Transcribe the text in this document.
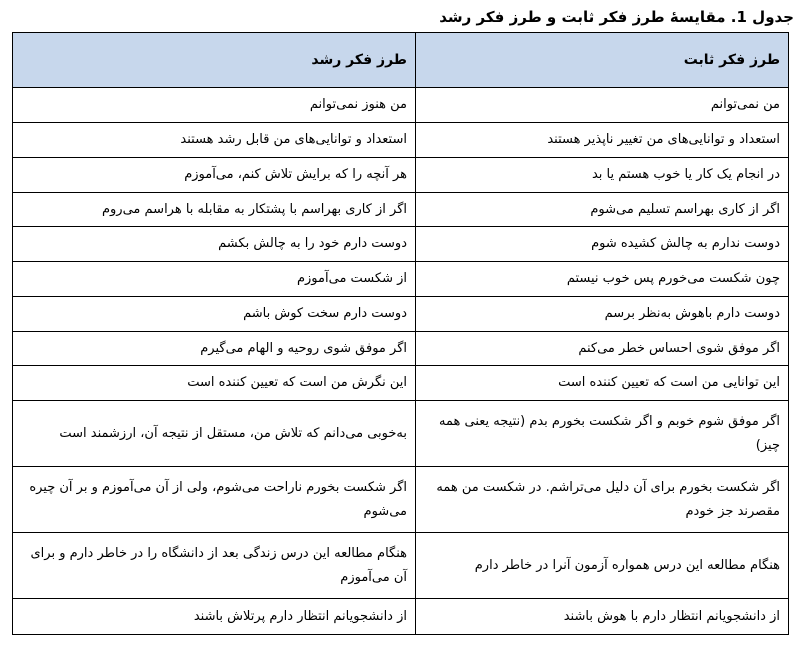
جدول 1. مقایسهٔ طرز فکر ثابت و طرز فکر رشد
طرز فکر ثابت	طرز فکر رشد
من نمی‌توانم	من هنوز نمی‌توانم
استعداد و توانایی‌های من تغییر ناپذیر هستند	استعداد و توانایی‌های من قابل رشد هستند
در انجام یک کار یا خوب هستم یا بد	هر آنچه را که برایش تلاش کنم، می‌آموزم
اگر از کاری بهراسم تسلیم می‌شوم	اگر از کاری بهراسم با پشتکار به مقابله با هراسم می‌روم
دوست ندارم به چالش کشیده شوم	دوست دارم خود را به چالش بکشم
چون شکست می‌خورم پس خوب نیستم	از شکست می‌آموزم
دوست دارم باهوش به‌نظر برسم	دوست دارم سخت کوش باشم
اگر موفق شوی احساس خطر می‌کنم	اگر موفق شوی روحیه و الهام می‌گیرم
این توانایی من است که تعیین کننده است	این نگرش من است که تعیین کننده است
اگر موفق شوم خوبم و اگر شکست بخورم بدم (نتیجه یعنی همه چیز)	به‌خوبی می‌دانم که تلاش من، مستقل از نتیجه آن، ارزشمند است
اگر شکست بخورم برای آن دلیل می‌تراشم. در شکست من همه مقصرند جز خودم	اگر شکست بخورم ناراحت می‌شوم، ولی از آن می‌آموزم و بر آن چیره می‌شوم
هنگام مطالعه این درس همواره آزمون آنرا در خاطر دارم	هنگام مطالعه این درس زندگی بعد از دانشگاه را در خاطر دارم و برای آن می‌آموزم
از دانشجویانم انتظار دارم با هوش باشند	از دانشجویانم انتظار دارم پرتلاش باشند
